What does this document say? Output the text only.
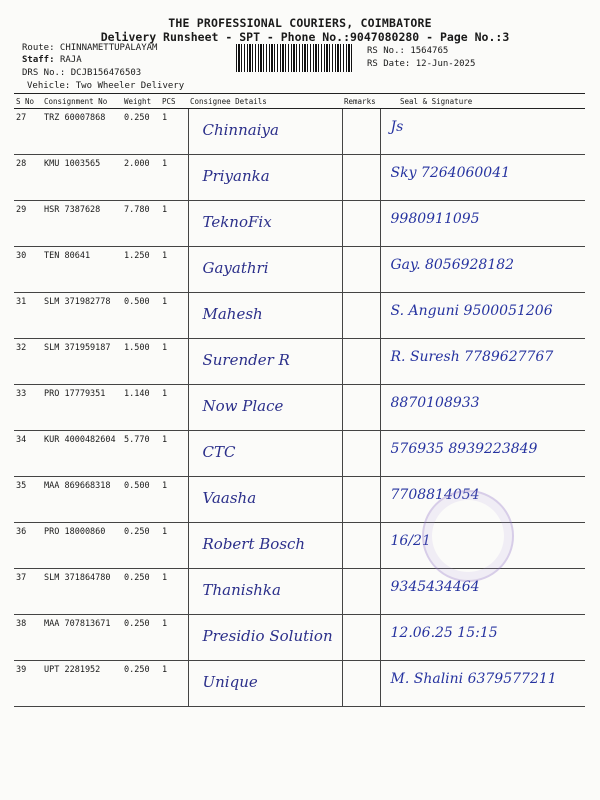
THE PROFESSIONAL COURIERS, COIMBATORE
Delivery Runsheet - SPT - Phone No.:9047080280 - Page No.:3
Route: CHINNAMETTUPALAYAM
Staff: RAJA
DRS No.: DCJB156476503
Vehicle: Two Wheeler Delivery
RS No.: 1564765
RS Date: 12-Jun-2025
S No	Consignment No	Weight	PCS	Consignee Details	Remarks	Seal & Signature

27	TRZ 60007868	0.250	1	Chinnaiya		Js

28	KMU 1003565	2.000	1	Priyanka		Sky 7264060041

29	HSR 7387628	7.780	1	TeknoFix		9980911095

30	TEN 80641	1.250	1	Gayathri		Gay. 8056928182

31	SLM 371982778	0.500	1	Mahesh		S. Anguni 9500051206

32	SLM 371959187	1.500	1	Surender R		R. Suresh 7789627767

33	PRO 17779351	1.140	1	Now Place		8870108933

34	KUR 4000482604	5.770	1	CTC		576935 8939223849

35	MAA 869668318	0.500	1	Vaasha		7708814054

36	PRO 18000860	0.250	1	Robert Bosch		16/21

37	SLM 371864780	0.250	1	Thanishka		9345434464

38	MAA 707813671	0.250	1	Presidio Solution		12.06.25 15:15

39	UPT 2281952	0.250	1	Unique		M. Shalini 6379577211
